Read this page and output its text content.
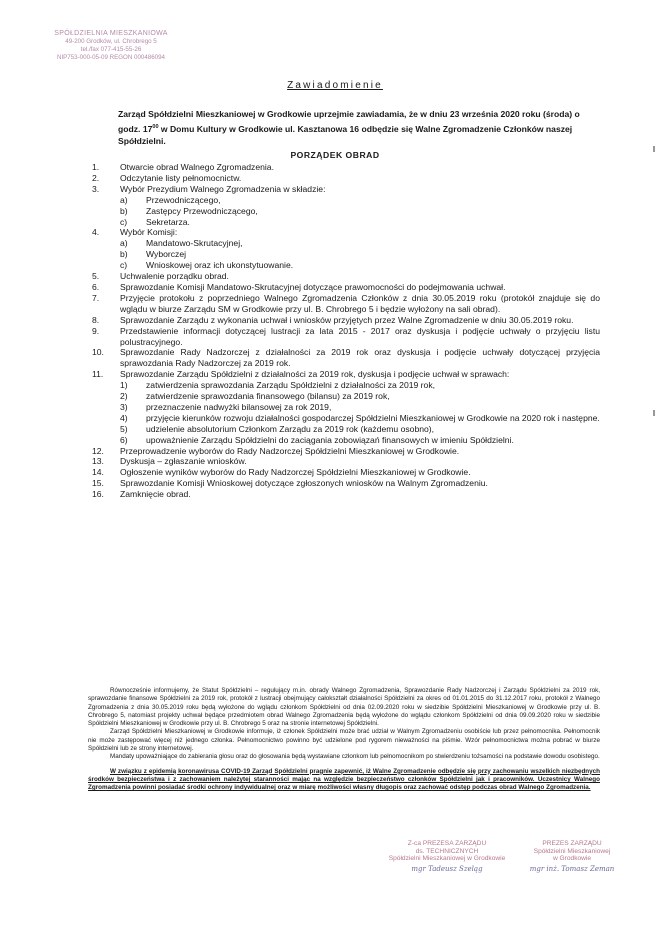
SPÓŁDZIELNIA MIESZKANIOWA
49-200 Grodków, ul. Chrobrego 5
tel./fax 077-415-55-26
NIP753-000-05-09 REGON 000486094
Zawiadomienie
Zarząd Spółdzielni Mieszkaniowej w Grodkowie uprzejmie zawiadamia, że w dniu 23 września 2020 roku (środa) o godz. $17^{00}$ w Domu Kultury w Grodkowie ul. Kasztanowa 16 odbędzie się Walne Zgromadzenie Członków naszej Spółdzielni.
PORZĄDEK OBRAD
1.	Otwarcie obrad Walnego Zgromadzenia.
2.	Odczytanie listy pełnomocnictw.
3.	Wybór Prezydium Walnego Zgromadzenia w składzie:
a)	Przewodniczącego,
b)	Zastępcy Przewodniczącego,
c)	Sekretarza.
4.	Wybór Komisji:
a)	Mandatowo-Skrutacyjnej,
b)	Wyborczej
c)	Wnioskowej oraz ich ukonstytuowanie.
5.	Uchwalenie porządku obrad.
6.	Sprawozdanie Komisji Mandatowo-Skrutacyjnej dotyczące prawomocności do podejmowania uchwał.
7.	Przyjęcie protokołu z poprzedniego Walnego Zgromadzenia Członków z dnia 30.05.2019 roku (protokół znajduje się do wglądu w biurze Zarządu SM w Grodkowie przy ul. B. Chrobrego 5 i będzie wyłożony na sali obrad).
8.	Sprawozdanie Zarządu z wykonania uchwał i wniosków przyjętych przez Walne Zgromadzenie w dniu 30.05.2019 roku.
9.	Przedstawienie informacji dotyczącej lustracji za lata 2015 - 2017 oraz dyskusja i podjęcie uchwały o przyjęciu listu polustracyjnego.
10.	Sprawozdanie Rady Nadzorczej z działalności za 2019 rok oraz dyskusja i podjęcie uchwały dotyczącej przyjęcia sprawozdania Rady Nadzorczej za 2019 rok.
11.	Sprawozdanie Zarządu Spółdzielni z działalności za 2019 rok, dyskusja i podjęcie uchwał w sprawach:
1)	zatwierdzenia sprawozdania Zarządu Spółdzielni z działalności za 2019 rok,
2)	zatwierdzenie sprawozdania finansowego (bilansu) za 2019 rok,
3)	przeznaczenie nadwyżki bilansowej za rok 2019,
4)	przyjęcie kierunków rozwoju działalności gospodarczej Spółdzielni Mieszkaniowej w Grodkowie na 2020 rok i następne.
5)	udzielenie absolutorium Członkom Zarządu za 2019 rok (każdemu osobno),
6)	upoważnienie Zarządu Spółdzielni do zaciągania zobowiązań finansowych w imieniu Spółdzielni.
12.	Przeprowadzenie wyborów do Rady Nadzorczej Spółdzielni Mieszkaniowej w Grodkowie.
13.	Dyskusja – zgłaszanie wniosków.
14.	Ogłoszenie wyników wyborów do Rady Nadzorczej Spółdzielni Mieszkaniowej w Grodkowie.
15.	Sprawozdanie Komisji Wnioskowej dotyczące zgłoszonych wniosków na Walnym Zgromadzeniu.
16.	Zamknięcie obrad.

Równocześnie informujemy, że Statut Spółdzielni – regulujący m.in. obrady Walnego Zgromadzenia, Sprawozdanie Rady Nadzorczej i Zarządu Spółdzielni za 2019 rok, sprawozdanie finansowe Spółdzielni za 2019 rok, protokół z lustracji obejmujący całokształt działalności Spółdzielni za okres od 01.01.2015 do 31.12.2017 roku, protokół z Walnego Zgromadzenia z dnia 30.05.2019 roku będą wyłożone do wglądu członkom Spółdzielni od dnia 02.09.2020 roku w siedzibie Spółdzielni Mieszkaniowej w Grodkowie przy ul. B. Chrobrego 5, natomiast projekty uchwał będące przedmiotem obrad Walnego Zgromadzenia będą wyłożone do wglądu członkom Spółdzielni od dnia 09.09.2020 roku w siedzibie Spółdzielni Mieszkaniowej w Grodkowie przy ul. B. Chrobrego 5 oraz na stronie internetowej Spółdzielni.

Zarząd Spółdzielni Mieszkaniowej w Grodkowie informuje, iż członek Spółdzielni może brać udział w Walnym Zgromadzeniu osobiście lub przez pełnomocnika. Pełnomocnik nie może zastępować więcej niż jednego członka. Pełnomocnictwo powinno być udzielone pod rygorem nieważności na piśmie. Wzór pełnomocnictwa można pobrać w biurze Spółdzielni lub ze strony internetowej.

Mandaty upoważniające do zabierania głosu oraz do głosowania będą wystawiane członkom lub pełnomocnikom po stwierdzeniu tożsamości na podstawie dowodu osobistego.

W związku z epidemią koronawirusa COVID-19 Zarząd Spółdzielni pragnie zapewnić, iż Walne Zgromadzenie odbędzie się przy zachowaniu wszelkich niezbędnych środków bezpieczeństwa i z zachowaniem należytej staranności mając na względzie bezpieczeństwo członków Spółdzielni jak i pracowników. Uczestnicy Walnego Zgromadzenia powinni posiadać środki ochrony indywidualnej oraz w miarę możliwości własny długopis oraz zachować odstęp podczas obrad Walnego Zgromadzenia.

Z-ca PREZESA ZARZĄDU
ds. TECHNICZNYCH
Spółdzielni Mieszkaniowej w Grodkowie
mgr Tadeusz Szeląg
PREZES ZARZĄDU
Spółdzielni Mieszkaniowej
w Grodkowie
mgr inż. Tomasz Zeman
